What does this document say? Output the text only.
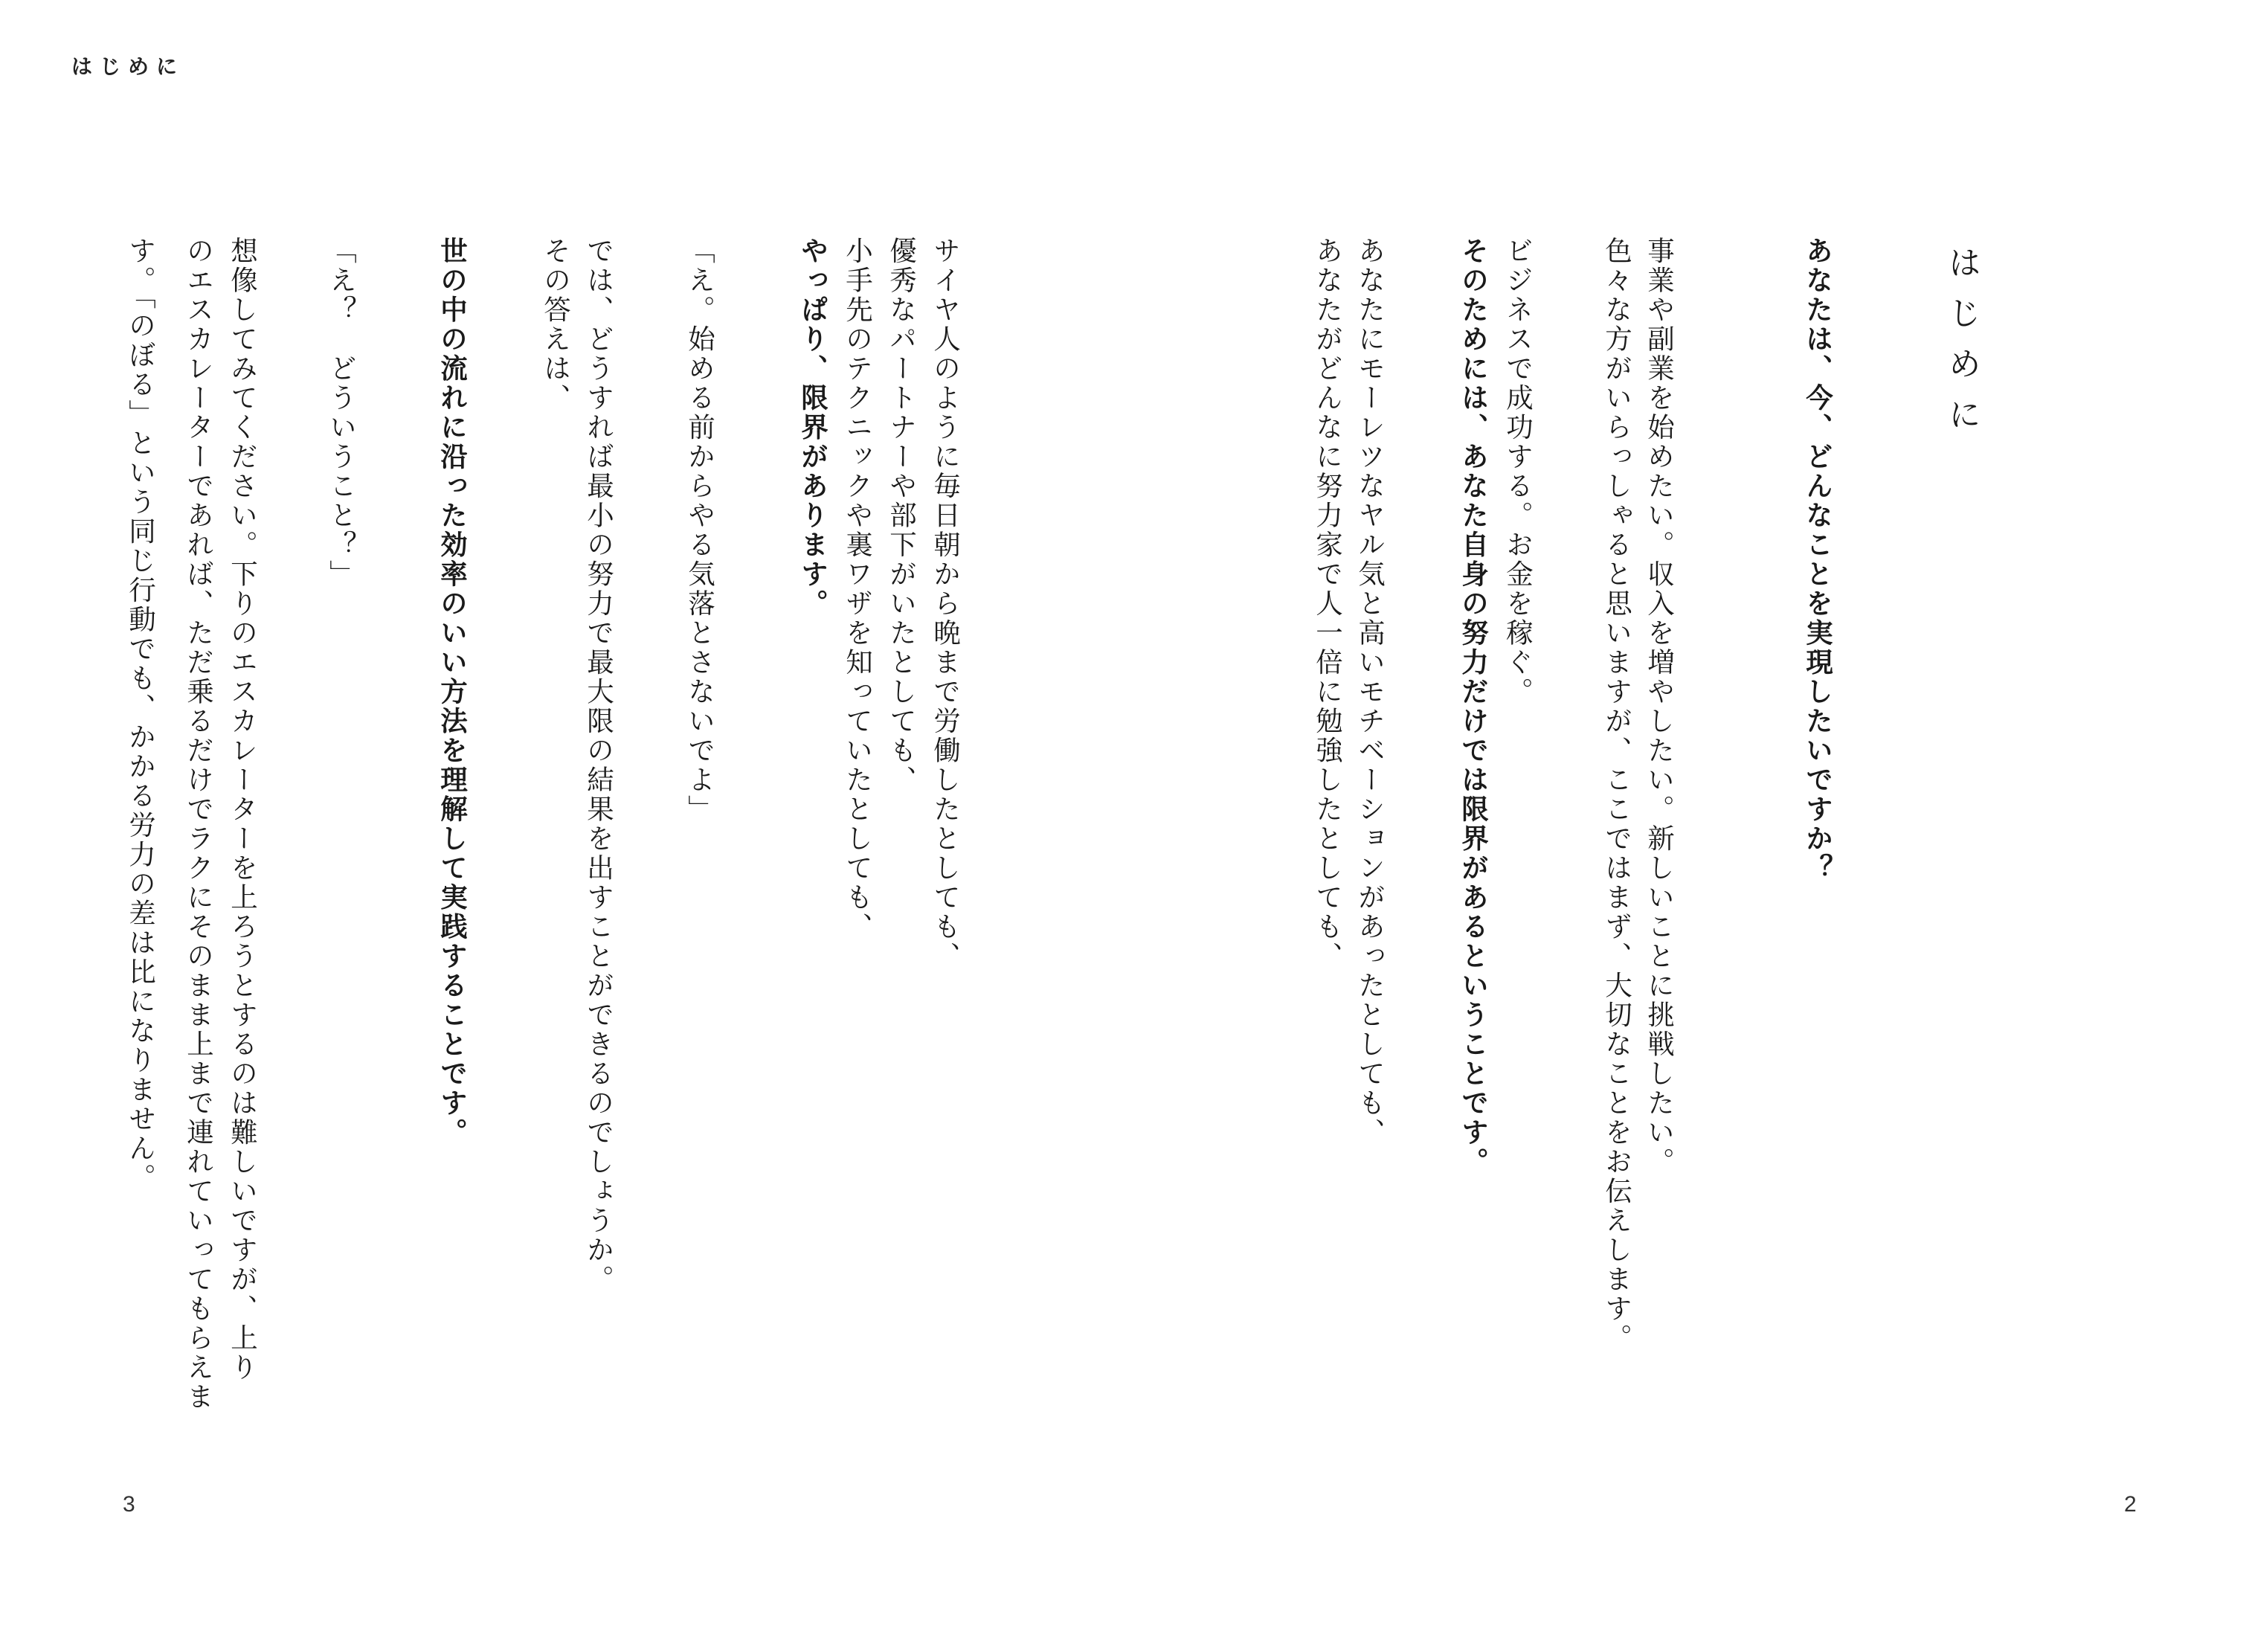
はじめに
はじめに
あなたは、今、どんなことを実現したいですか？
事業や副業を始めたい。収入を増やしたい。新しいことに挑戦したい。
色々な方がいらっしゃると思いますが、ここではまず、大切なことをお伝えします。
ビジネスで成功する。お金を稼ぐ。
そのためには、あなた自身の努力だけでは限界があるということです。
あなたにモーレツなヤル気と高いモチベーションがあったとしても、
あなたがどんなに努力家で人一倍に勉強したとしても、
サイヤ人のように毎日朝から晩まで労働したとしても、
優秀なパートナーや部下がいたとしても、
小手先のテクニックや裏ワザを知っていたとしても、
やっぱり、限界があります。
「え。始める前からやる気落とさないでよ」
では、どうすれば最小の努力で最大限の結果を出すことができるのでしょうか。
その答えは、
世の中の流れに沿った効率のいい方法を理解して実践することです。
「え？　どういうこと？」
想像してみてください。下りのエスカレーターを上ろうとするのは難しいですが、上り
のエスカレーターであれば、ただ乗るだけでラクにそのまま上まで連れていってもらえま
す。「のぼる」という同じ行動でも、かかる労力の差は比になりません。
3	2
